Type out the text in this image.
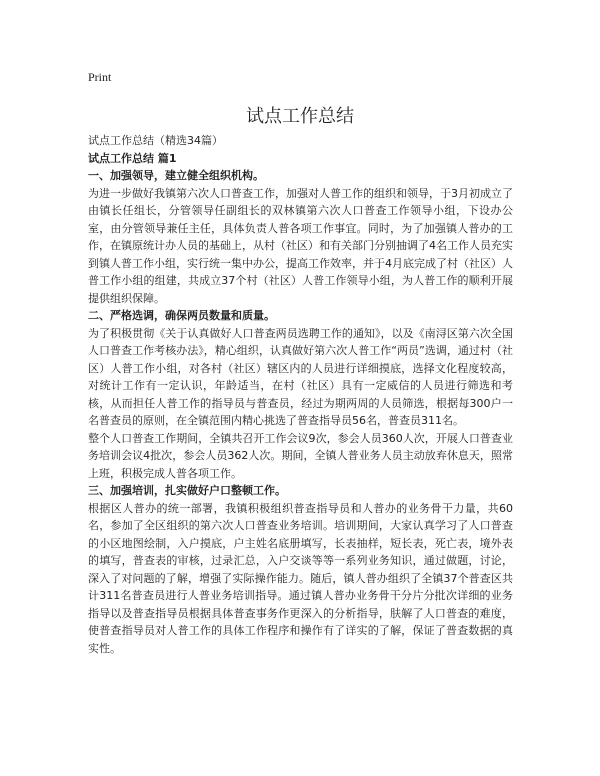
Print
试点工作总结

试点工作总结（精选34篇）

试点工作总结 篇1

一、加强领导，建立健全组织机构。

为进一步做好我镇第六次人口普查工作，加强对人普工作的组织和领导，于3月初成立了由镇长任组长，分管领导任副组长的双林镇第六次人口普查工作领导小组，下设办公室，由分管领导兼任主任，具体负责人普各项工作事宜。同时，为了加强镇人普办的工作，在镇原统计办人员的基础上，从村（社区）和有关部门分别抽调了4名工作人员充实到镇人普工作小组，实行统一集中办公，提高工作效率，并于4月底完成了村（社区）人普工作小组的组建，共成立37个村（社区）人普工作领导小组，为人普工作的顺利开展提供组织保障。

二、严格选调，确保两员数量和质量。

为了积极贯彻《关于认真做好人口普查两员选聘工作的通知》，以及《南浔区第六次全国人口普查工作考核办法》，精心组织，认真做好第六次人普工作“两员”选调，通过村（社区）人普工作小组，对各村（社区）辖区内的人员进行详细摸底，选择文化程度较高，对统计工作有一定认识，年龄适当，在村（社区）具有一定威信的人员进行筛选和考核，从而担任人普工作的指导员与普查员，经过为期两周的人员筛选，根据每300户一名普查员的原则，在全镇范围内精心挑选了普查指导员56名，普查员311名。

整个人口普查工作期间，全镇共召开工作会议9次，参会人员360人次，开展人口普查业务培训会议4批次，参会人员362人次。期间，全镇人普业务人员主动放弃休息天，照常上班，积极完成人普各项工作。

三、加强培训，扎实做好户口整顿工作。

根据区人普办的统一部署，我镇积极组织普查指导员和人普办的业务骨干力量，共60名，参加了全区组织的第六次人口普查业务培训。培训期间，大家认真学习了人口普查的小区地图绘制，入户摸底，户主姓名底册填写，长表抽样，短长表，死亡表，境外表的填写，普查表的审核，过录汇总，入户交谈等等一系列业务知识，通过做题，讨论，深入了对问题的了解，增强了实际操作能力。随后，镇人普办组织了全镇37个普查区共计311名普查员进行人普业务培训指导。通过镇人普办业务骨干分片分批次详细的业务指导以及普查指导员根据具体普查事务作更深入的分析指导，肤解了人口普查的难度，使普查指导员对人普工作的具体工作程序和操作有了详实的了解，保证了普查数据的真实性。
